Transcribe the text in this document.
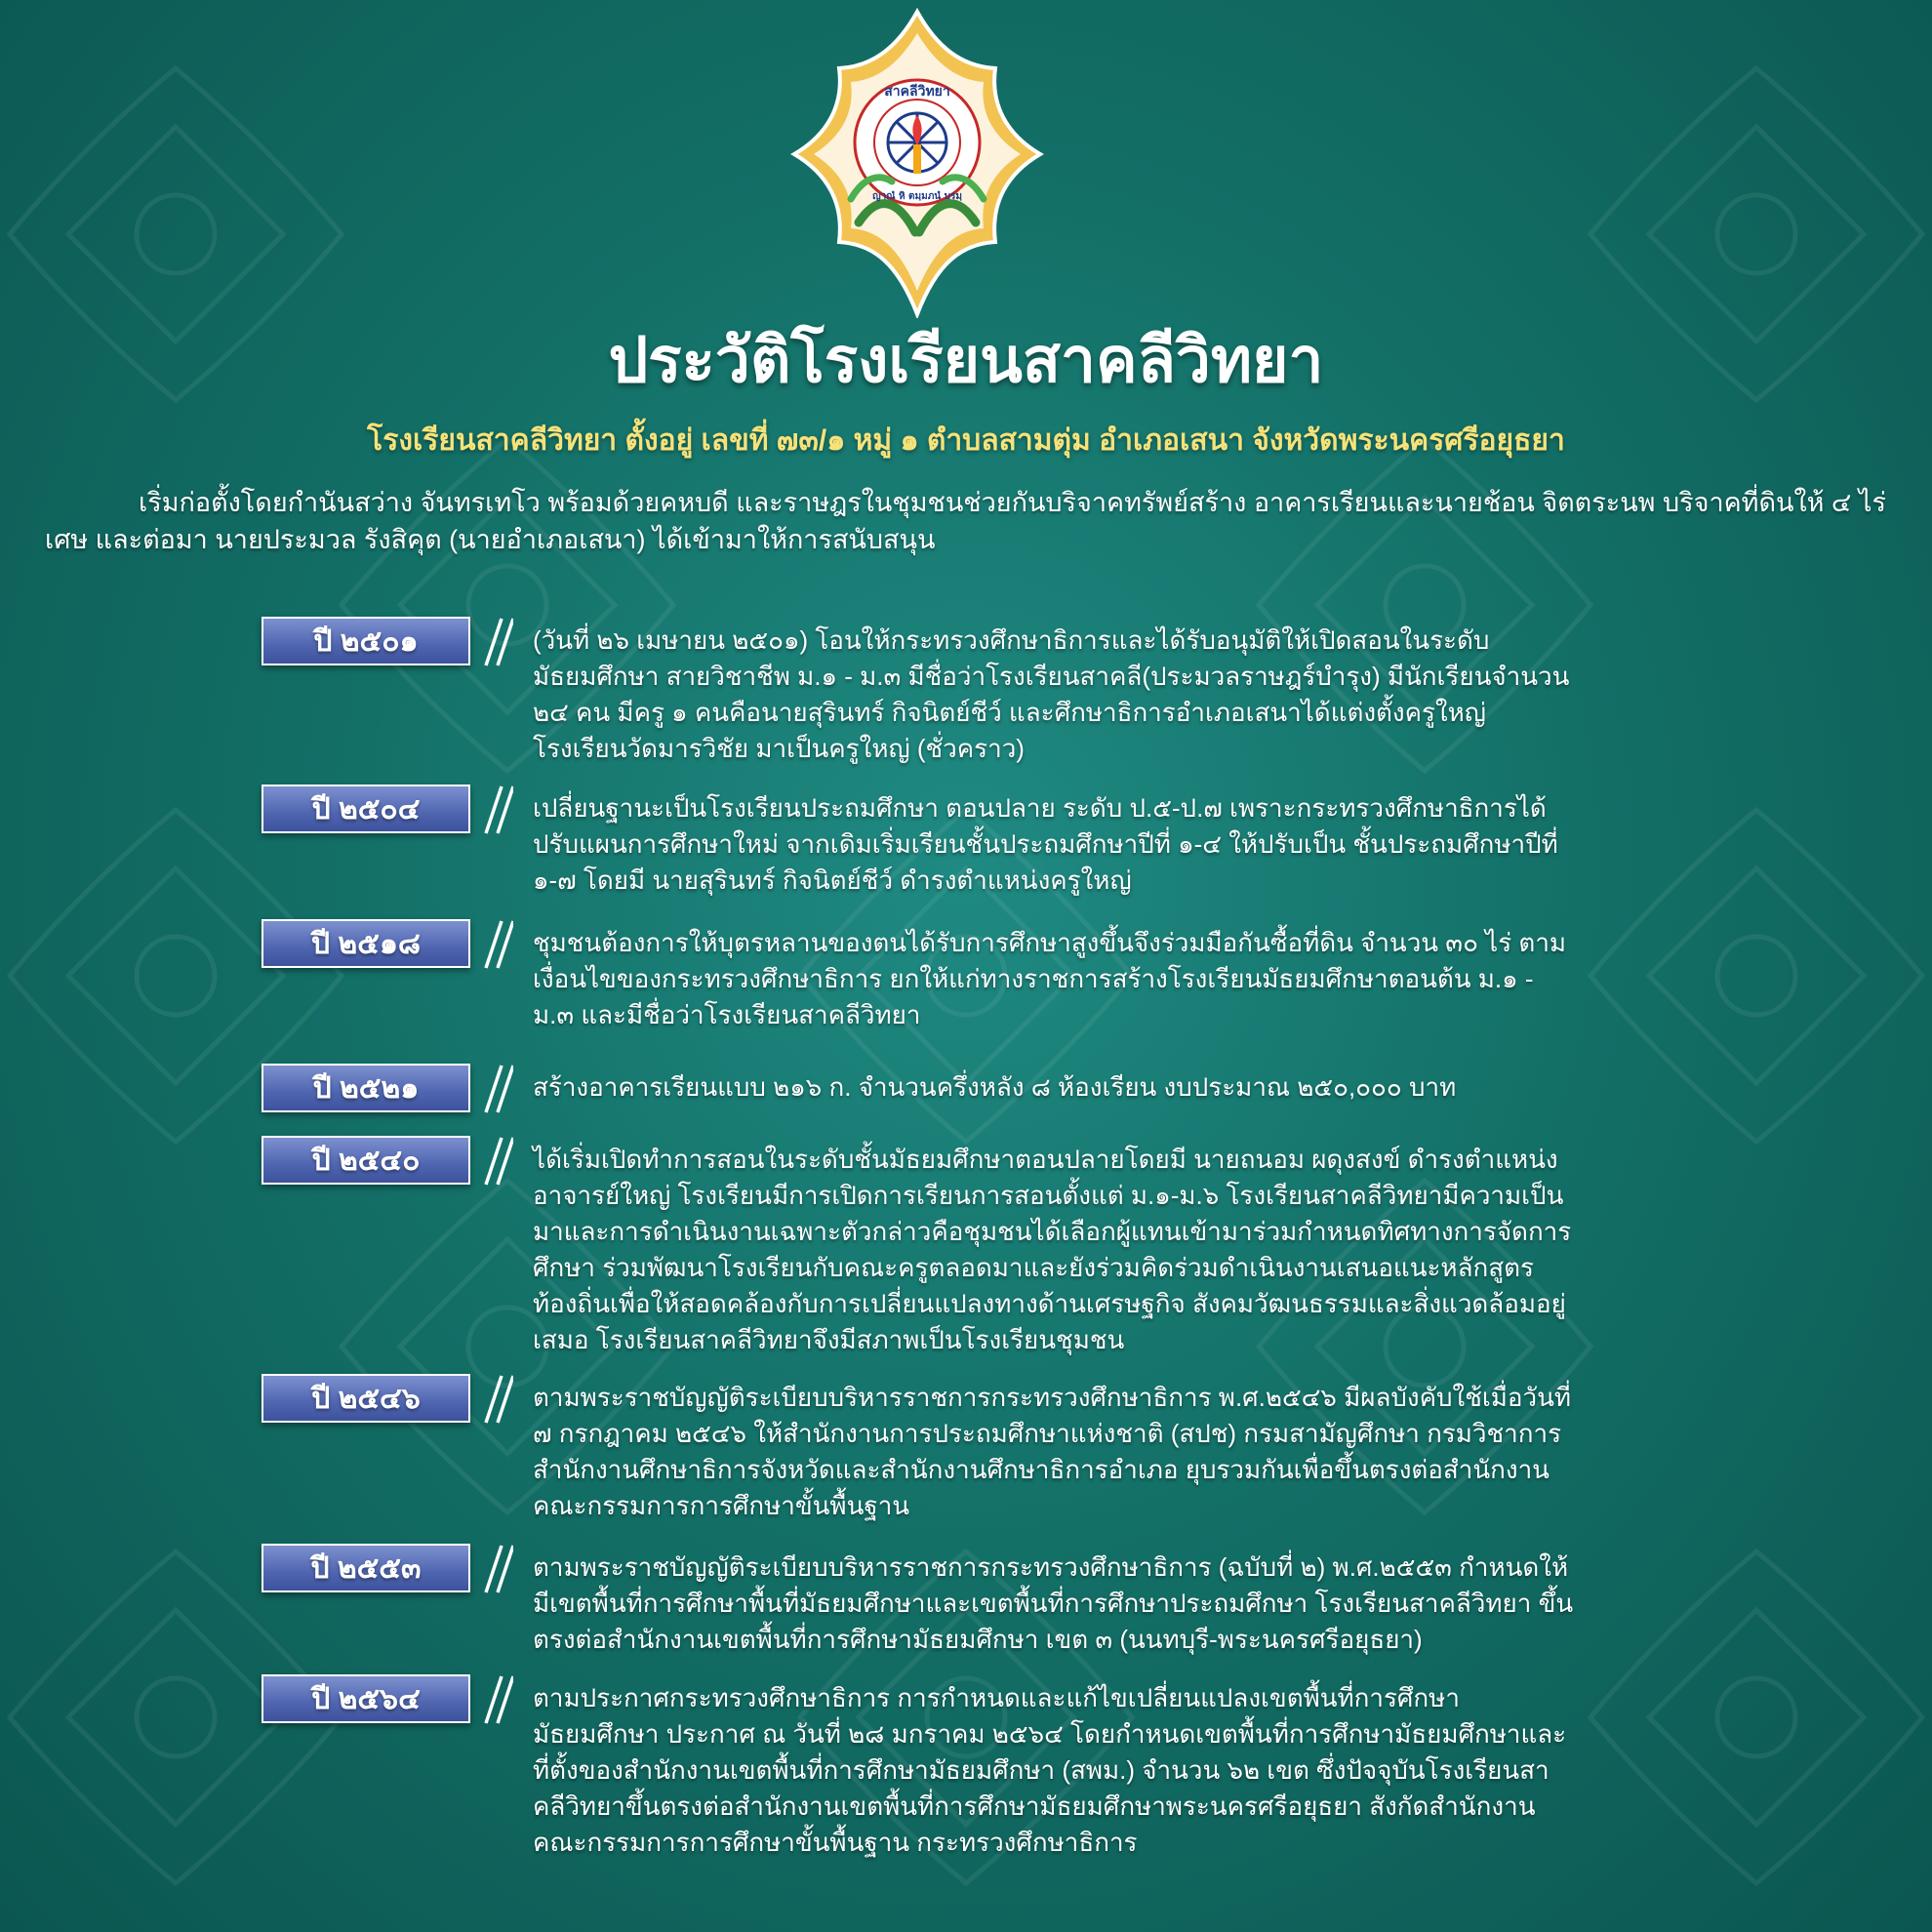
สาคลีวิทยา
ญาณํ หิ ตมฺมภนํ บรมฺ
ประวัติโรงเรียนสาคลีวิทยา
โรงเรียนสาคลีวิทยา ตั้งอยู่ เลขที่ ๗๓/๑ หมู่ ๑ ตำบลสามตุ่ม อำเภอเสนา จังหวัดพระนครศรีอยุธยา
เริ่มก่อตั้งโดยกำนันสว่าง จันทรเทโว พร้อมด้วยคหบดี และราษฎรในชุมชนช่วยกันบริจาคทรัพย์สร้าง อาคารเรียนและนายช้อน จิตตระนพ บริจาคที่ดินให้ ๔ ไร่เศษ และต่อมา นายประมวล รังสิคุต (นายอำเภอเสนา) ได้เข้ามาให้การสนับสนุน
ปี ๒๕๐๑	(วันที่ ๒๖ เมษายน ๒๕๐๑) โอนให้กระทรวงศึกษาธิการและได้รับอนุมัติให้เปิดสอนในระดับมัธยมศึกษา สายวิชาชีพ ม.๑ - ม.๓ มีชื่อว่าโรงเรียนสาคลี(ประมวลราษฎร์บำรุง) มีนักเรียนจำนวน ๒๔ คน มีครู ๑ คนคือนายสุรินทร์ กิจนิตย์ชีว์ และศึกษาธิการอำเภอเสนาได้แต่งตั้งครูใหญ่โรงเรียนวัดมารวิชัย มาเป็นครูใหญ่ (ชั่วคราว)
ปี ๒๕๐๔	เปลี่ยนฐานะเป็นโรงเรียนประถมศึกษา ตอนปลาย ระดับ ป.๕-ป.๗ เพราะกระทรวงศึกษาธิการได้ปรับแผนการศึกษาใหม่ จากเดิมเริ่มเรียนชั้นประถมศึกษาปีที่ ๑-๔ ให้ปรับเป็น ชั้นประถมศึกษาปีที่ ๑-๗ โดยมี นายสุรินทร์ กิจนิตย์ชีว์ ดำรงตำแหน่งครูใหญ่
ปี ๒๕๑๘	ชุมชนต้องการให้บุตรหลานของตนได้รับการศึกษาสูงขึ้นจึงร่วมมือกันซื้อที่ดิน จำนวน ๓๐ ไร่ ตามเงื่อนไขของกระทรวงศึกษาธิการ ยกให้แก่ทางราชการสร้างโรงเรียนมัธยมศึกษาตอนต้น ม.๑ - ม.๓ และมีชื่อว่าโรงเรียนสาคลีวิทยา
ปี ๒๕๒๑	สร้างอาคารเรียนแบบ ๒๑๖ ก. จำนวนครึ่งหลัง ๘ ห้องเรียน งบประมาณ ๒๕๐,๐๐๐ บาท
ปี ๒๕๔๐	ได้เริ่มเปิดทำการสอนในระดับชั้นมัธยมศึกษาตอนปลายโดยมี นายถนอม ผดุงสงข์ ดำรงตำแหน่งอาจารย์ใหญ่ โรงเรียนมีการเปิดการเรียนการสอนตั้งแต่ ม.๑-ม.๖ โรงเรียนสาคลีวิทยามีความเป็นมาและการดำเนินงานเฉพาะตัวกล่าวคือชุมชนได้เลือกผู้แทนเข้ามาร่วมกำหนดทิศทางการจัดการศึกษา ร่วมพัฒนาโรงเรียนกับคณะครูตลอดมาและยังร่วมคิดร่วมดำเนินงานเสนอแนะหลักสูตรท้องถิ่นเพื่อให้สอดคล้องกับการเปลี่ยนแปลงทางด้านเศรษฐกิจ สังคมวัฒนธรรมและสิ่งแวดล้อมอยู่เสมอ โรงเรียนสาคลีวิทยาจึงมีสภาพเป็นโรงเรียนชุมชน
ปี ๒๕๔๖	ตามพระราชบัญญัติระเบียบบริหารราชการกระทรวงศึกษาธิการ พ.ศ.๒๕๔๖ มีผลบังคับใช้เมื่อวันที่ ๗ กรกฎาคม ๒๕๔๖ ให้สำนักงานการประถมศึกษาแห่งชาติ (สปช) กรมสามัญศึกษา กรมวิชาการ สำนักงานศึกษาธิการจังหวัดและสำนักงานศึกษาธิการอำเภอ ยุบรวมกันเพื่อขึ้นตรงต่อสำนักงานคณะกรรมการการศึกษาขั้นพื้นฐาน
ปี ๒๕๕๓	ตามพระราชบัญญัติระเบียบบริหารราชการกระทรวงศึกษาธิการ (ฉบับที่ ๒) พ.ศ.๒๕๕๓ กำหนดให้มีเขตพื้นที่การศึกษาพื้นที่มัธยมศึกษาและเขตพื้นที่การศึกษาประถมศึกษา โรงเรียนสาคลีวิทยา ขึ้นตรงต่อสำนักงานเขตพื้นที่การศึกษามัธยมศึกษา เขต ๓ (นนทบุรี-พระนครศรีอยุธยา)
ปี ๒๕๖๔	ตามประกาศกระทรวงศึกษาธิการ การกำหนดและแก้ไขเปลี่ยนแปลงเขตพื้นที่การศึกษามัธยมศึกษา ประกาศ ณ วันที่ ๒๘ มกราคม ๒๕๖๔ โดยกำหนดเขตพื้นที่การศึกษามัธยมศึกษาและที่ตั้งของสำนักงานเขตพื้นที่การศึกษามัธยมศึกษา (สพม.) จำนวน ๖๒ เขต ซึ่งปัจจุบันโรงเรียนสาคลีวิทยาขึ้นตรงต่อสำนักงานเขตพื้นที่การศึกษามัธยมศึกษาพระนครศรีอยุธยา สังกัดสำนักงานคณะกรรมการการศึกษาขั้นพื้นฐาน กระทรวงศึกษาธิการ
